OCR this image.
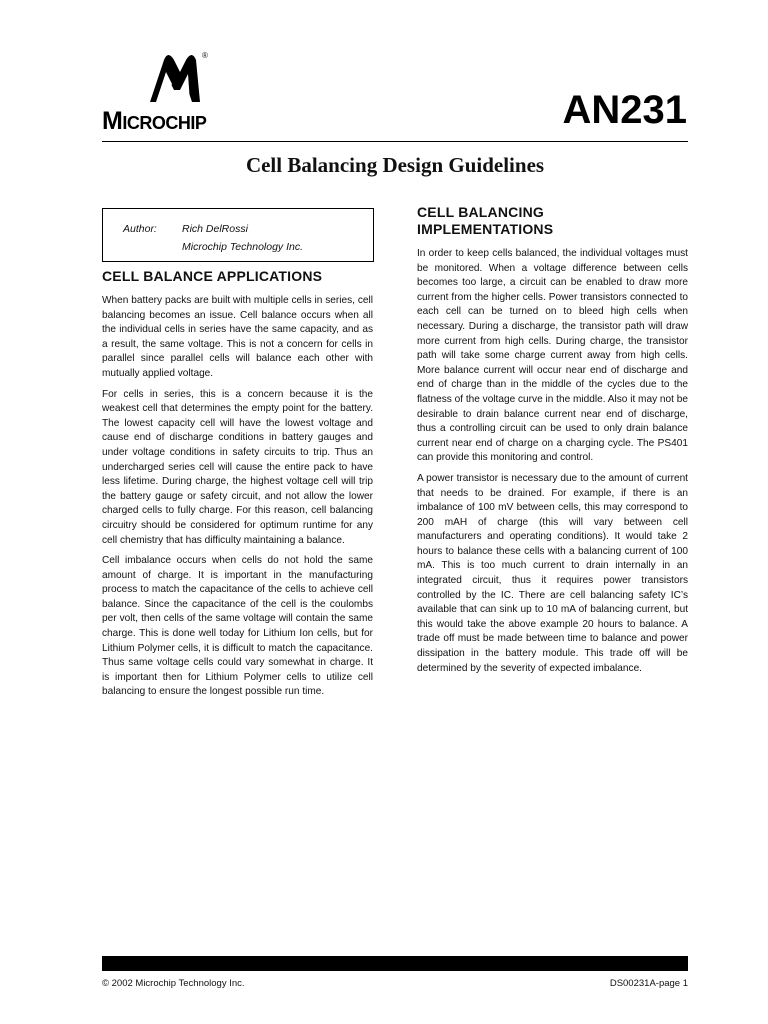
®
Microchip	AN231
Cell Balancing Design Guidelines
Author: Rich DelRossi
Microchip Technology Inc.
CELL BALANCE APPLICATIONS

When battery packs are built with multiple cells in series, cell balancing becomes an issue. Cell balance occurs when all the individual cells in series have the same capacity, and as a result, the same voltage. This is not a concern for cells in parallel since parallel cells will balance each other with mutually applied voltage.

For cells in series, this is a concern because it is the weakest cell that determines the empty point for the battery. The lowest capacity cell will have the lowest voltage and cause end of discharge conditions in battery gauges and under voltage conditions in safety circuits to trip. Thus an undercharged series cell will cause the entire pack to have less lifetime. During charge, the highest voltage cell will trip the battery gauge or safety circuit, and not allow the lower charged cells to fully charge. For this reason, cell balancing circuitry should be considered for optimum runtime for any cell chemistry that has difficulty maintaining a balance.

Cell imbalance occurs when cells do not hold the same amount of charge. It is important in the manufacturing process to match the capacitance of the cells to achieve cell balance. Since the capacitance of the cell is the coulombs per volt, then cells of the same voltage will contain the same charge. This is done well today for Lithium Ion cells, but for Lithium Polymer cells, it is difficult to match the capacitance. Thus same voltage cells could vary somewhat in charge. It is important then for Lithium Polymer cells to utilize cell balancing to ensure the longest possible run time.

CELL BALANCING
IMPLEMENTATIONS

In order to keep cells balanced, the individual voltages must be monitored. When a voltage difference between cells becomes too large, a circuit can be enabled to draw more current from the higher cells. Power transistors connected to each cell can be turned on to bleed high cells when necessary. During a discharge, the transistor path will draw more current from high cells. During charge, the transistor path will take some charge current away from high cells. More balance current will occur near end of discharge and end of charge than in the middle of the cycles due to the flatness of the voltage curve in the middle. Also it may not be desirable to drain balance current near end of discharge, thus a controlling circuit can be used to only drain balance current near end of charge on a charging cycle. The PS401 can provide this monitoring and control.

A power transistor is necessary due to the amount of current that needs to be drained. For example, if there is an imbalance of 100 mV between cells, this may correspond to 200 mAH of charge (this will vary between cell manufacturers and operating conditions). It would take 2 hours to balance these cells with a balancing current of 100 mA. This is too much current to drain internally in an integrated circuit, thus it requires power transistors controlled by the IC. There are cell balancing safety IC’s available that can sink up to 10 mA of balancing current, but this would take the above example 20 hours to balance. A trade off must be made between time to balance and power dissipation in the battery module. This trade off will be determined by the severity of expected imbalance.

© 2002 Microchip Technology Inc.	DS00231A-page 1
